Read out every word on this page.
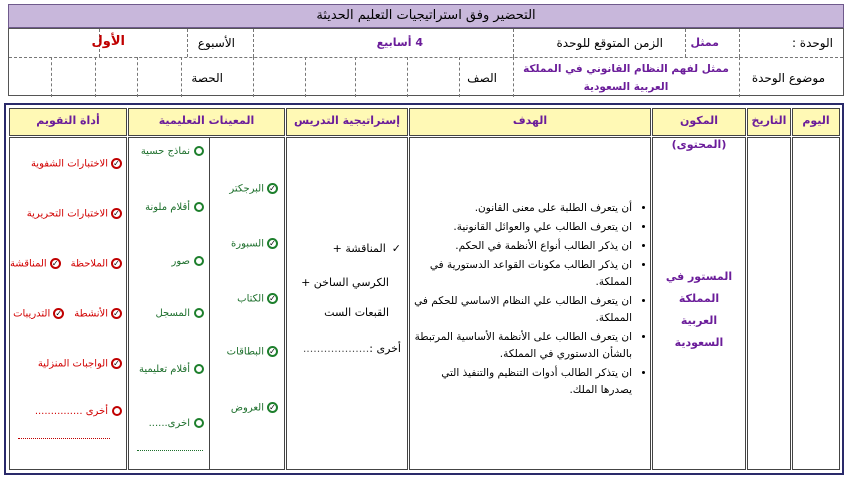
التحضير وفق استراتيجيات التعليم الحديثة
الوحدة :
ممثل
الزمن المتوقع للوحدة
4 أسابيع
الأسبوع
الأول
موضوع الوحدة
ممثل لفهم النظام القانوني في المملكة العربية السعودية
الصف
الحصة
اليوم
التاريخ
المكون (المحتوى)
الهدف
إستراتيجية التدريس
المعينات التعليمية
أداة التقويم
المستور في المملكة العربية السعودية
• أن يتعرف الطلبة على معنى القانون.
• ان يتعرف الطالب علي والعوائل القانونية.
• ان يذكر الطالب أنواع الأنظمة في الحكم.
• ان يذكر الطالب مكونات القواعد الدستورية في المملكة.
• ان يتعرف الطالب علي النظام الاساسي للحكم في المملكة.
• ان يتعرف الطالب على الأنظمة الأساسية المرتبطة بالشأن الدستوري في المملكة.
• ان يتذكر الطالب أدوات التنظيم والتنفيذ التي يصدرها الملك.
✓المناقشة +
الكرسي الساخن +
القبعات الست
أخرى :...................
✓البرجكتر
✓السبورة
✓الكتاب
✓البطاقات
✓العروض
نماذج حسية
أقلام ملونة
صور
المسجل
أفلام تعليمية
اخرى......
✓الاختبارات الشفوية
✓الاختبارات التحريرية
✓الملاحظة✓المناقشة
✓الأنشطة✓التدريبات
✓الواجبات المنزلية
أخرى ...............
